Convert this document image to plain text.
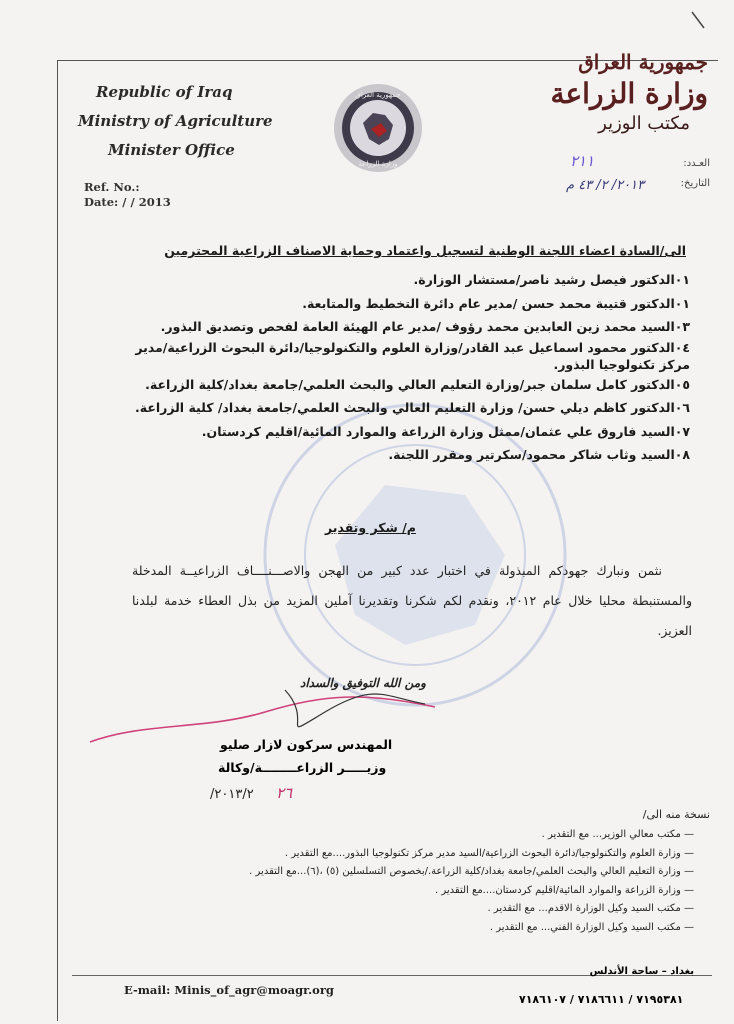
Republic of Iraq
Ministry of Agriculture
Minister Office
Ref. No.:
Date: / / 2013
جمهورية العراق
وزارة الزراعة
جمهورية العراق
وزارة الزراعة
مكتب الوزير
العـدد:
التاريخ:
٢١١
٢٠١٣/ ٢/ ٤٣ م
الى/السادة اعضاء اللجنة الوطنية لتسجيل واعتماد وحماية الاصناف الزراعية المحترمين
٠١الدكتور فيصل رشيد ناصر/مستشار الوزارة.
٠١الدكتور قتيبة محمد حسن /مدير عام دائرة التخطيط والمتابعة.
٠٣السيد محمد زين العابدين محمد رؤوف /مدير عام الهيئة العامة لفحص وتصديق البذور.
٠٤الدكتور محمود اسماعيل عبد القادر/وزارة العلوم والتكنولوجيا/دائرة البحوث الزراعية/مدير مركز تكنولوجيا البذور.
٠٥الدكتور كامل سلمان جبر/وزارة التعليم العالي والبحث العلمي/جامعة بغداد/كلية الزراعة.
٠٦الدكتور كاظم ديلي حسن/ وزارة التعليم العالي والبحث العلمي/جامعة بغداد/ كلية الزراعة.
٠٧السيد فاروق علي عثمان/ممثل وزارة الزراعة والموارد المائية/اقليم كردستان.
٠٨السيد وثاب شاكر محمود/سكرتير ومقرر اللجنة.
م/ شكر وتقدير
نثمن ونبارك جهودكم المبذولة في اختبار عدد كبير من الهجن والاصـــنــــاف الزراعيــة المدخلة والمستنبطة محليا خلال عام ٢٠١٢، ونقدم لكم شكرنا وتقديرنا آملين المزيد من بذل العطاء خدمة لبلدنا العزيز.
ومن الله التوفيق والسداد
المهندس سركون لازار صليو
وزيـــــر الزراعــــــــة/وكالة
٢٠١٣/٢/ ٢٦
نسخة منه الى/
— مكتب معالي الوزير... مع التقدير .
— وزارة العلوم والتكنولوجيا/دائرة البحوث الزراعية/السيد مدير مركز تكنولوجيا البذور....مع التقدير .
— وزارة التعليم العالي والبحث العلمي/جامعة بغداد/كلية الزراعة./بخصوص التسلسلين (٥) ،(٦)...مع التقدير .
— وزارة الزراعة والموارد المائية/اقليم كردستان....مع التقدير .
— مكتب السيد وكيل الوزارة الاقدم... مع التقدير .
— مكتب السيد وكيل الوزارة الفني... مع التقدير .
بغداد – ساحة الأندلس
E-mail: Minis_of_agr@moagr.org
٧١٩٥٣٨١ / ٧١٨٦٦١١ / ٧١٨٦١٠٧
